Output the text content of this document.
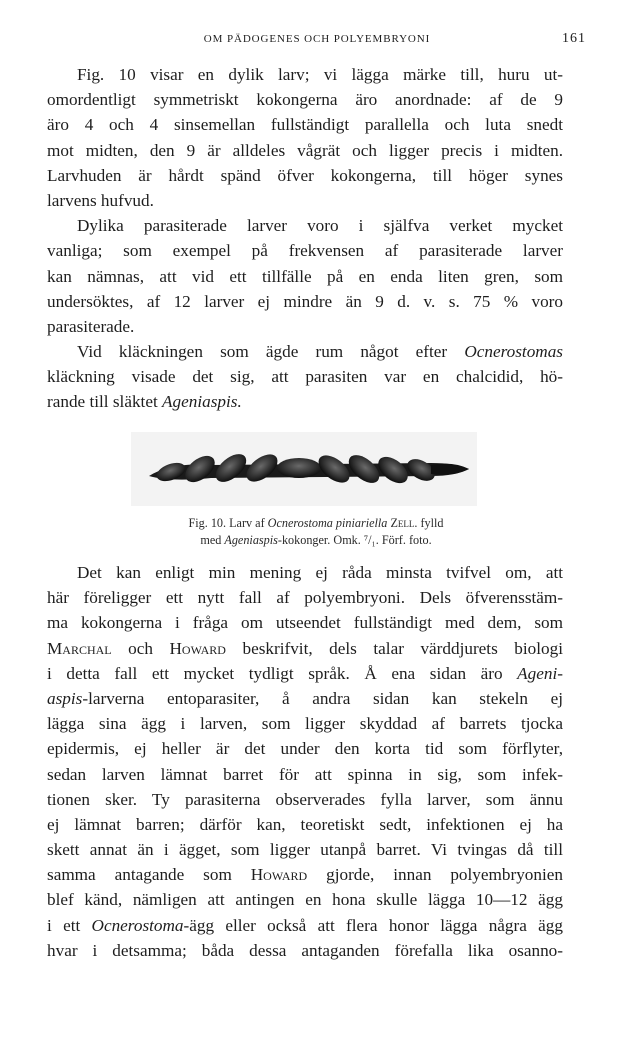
OM PÄDOGENES OCH POLYEMBRYONI	161
Fig. 10 visar en dylik larv; vi lägga märke till, huru ut-
omordentligt symmetriskt kokongerna äro anordnade: af de 9
äro 4 och 4 sinsemellan fullständigt parallella och luta snedt
mot midten, den 9 är alldeles vågrät och ligger precis i midten.
Larvhuden är hårdt spänd öfver kokongerna, till höger synes
larvens hufvud.
Dylika parasiterade larver voro i själfva verket mycket
vanliga; som exempel på frekvensen af parasiterade larver
kan nämnas, att vid ett tillfälle på en enda liten gren, som
undersöktes, af 12 larver ej mindre än 9 d. v. s. 75 % voro
parasiterade.
Vid kläckningen som ägde rum något efter Ocnerostomas
kläckning visade det sig, att parasiten var en chalcidid, hö-
rande till släktet Ageniaspis.
Fig. 10. Larv af Ocnerostoma piniariella Zell. fylld
med Ageniaspis-kokonger. Omk. ⁷/₁. Förf. foto.
Det kan enligt min mening ej råda minsta tvifvel om, att
här föreligger ett nytt fall af polyembryoni. Dels öfverensstäm-
ma kokongerna i fråga om utseendet fullständigt med dem, som
Marchal och Howard beskrifvit, dels talar värddjurets biologi
i detta fall ett mycket tydligt språk. Å ena sidan äro Ageni-
aspis-larverna entoparasiter, å andra sidan kan stekeln ej
lägga sina ägg i larven, som ligger skyddad af barrets tjocka
epidermis, ej heller är det under den korta tid som förflyter,
sedan larven lämnat barret för att spinna in sig, som infek-
tionen sker. Ty parasiterna observerades fylla larver, som ännu
ej lämnat barren; därför kan, teoretiskt sedt, infektionen ej ha
skett annat än i ägget, som ligger utanpå barret. Vi tvingas då till
samma antagande som Howard gjorde, innan polyembryonien
blef känd, nämligen att antingen en hona skulle lägga 10—12 ägg
i ett Ocnerostoma-ägg eller också att flera honor lägga några ägg
hvar i detsamma; båda dessa antaganden förefalla lika osanno-
